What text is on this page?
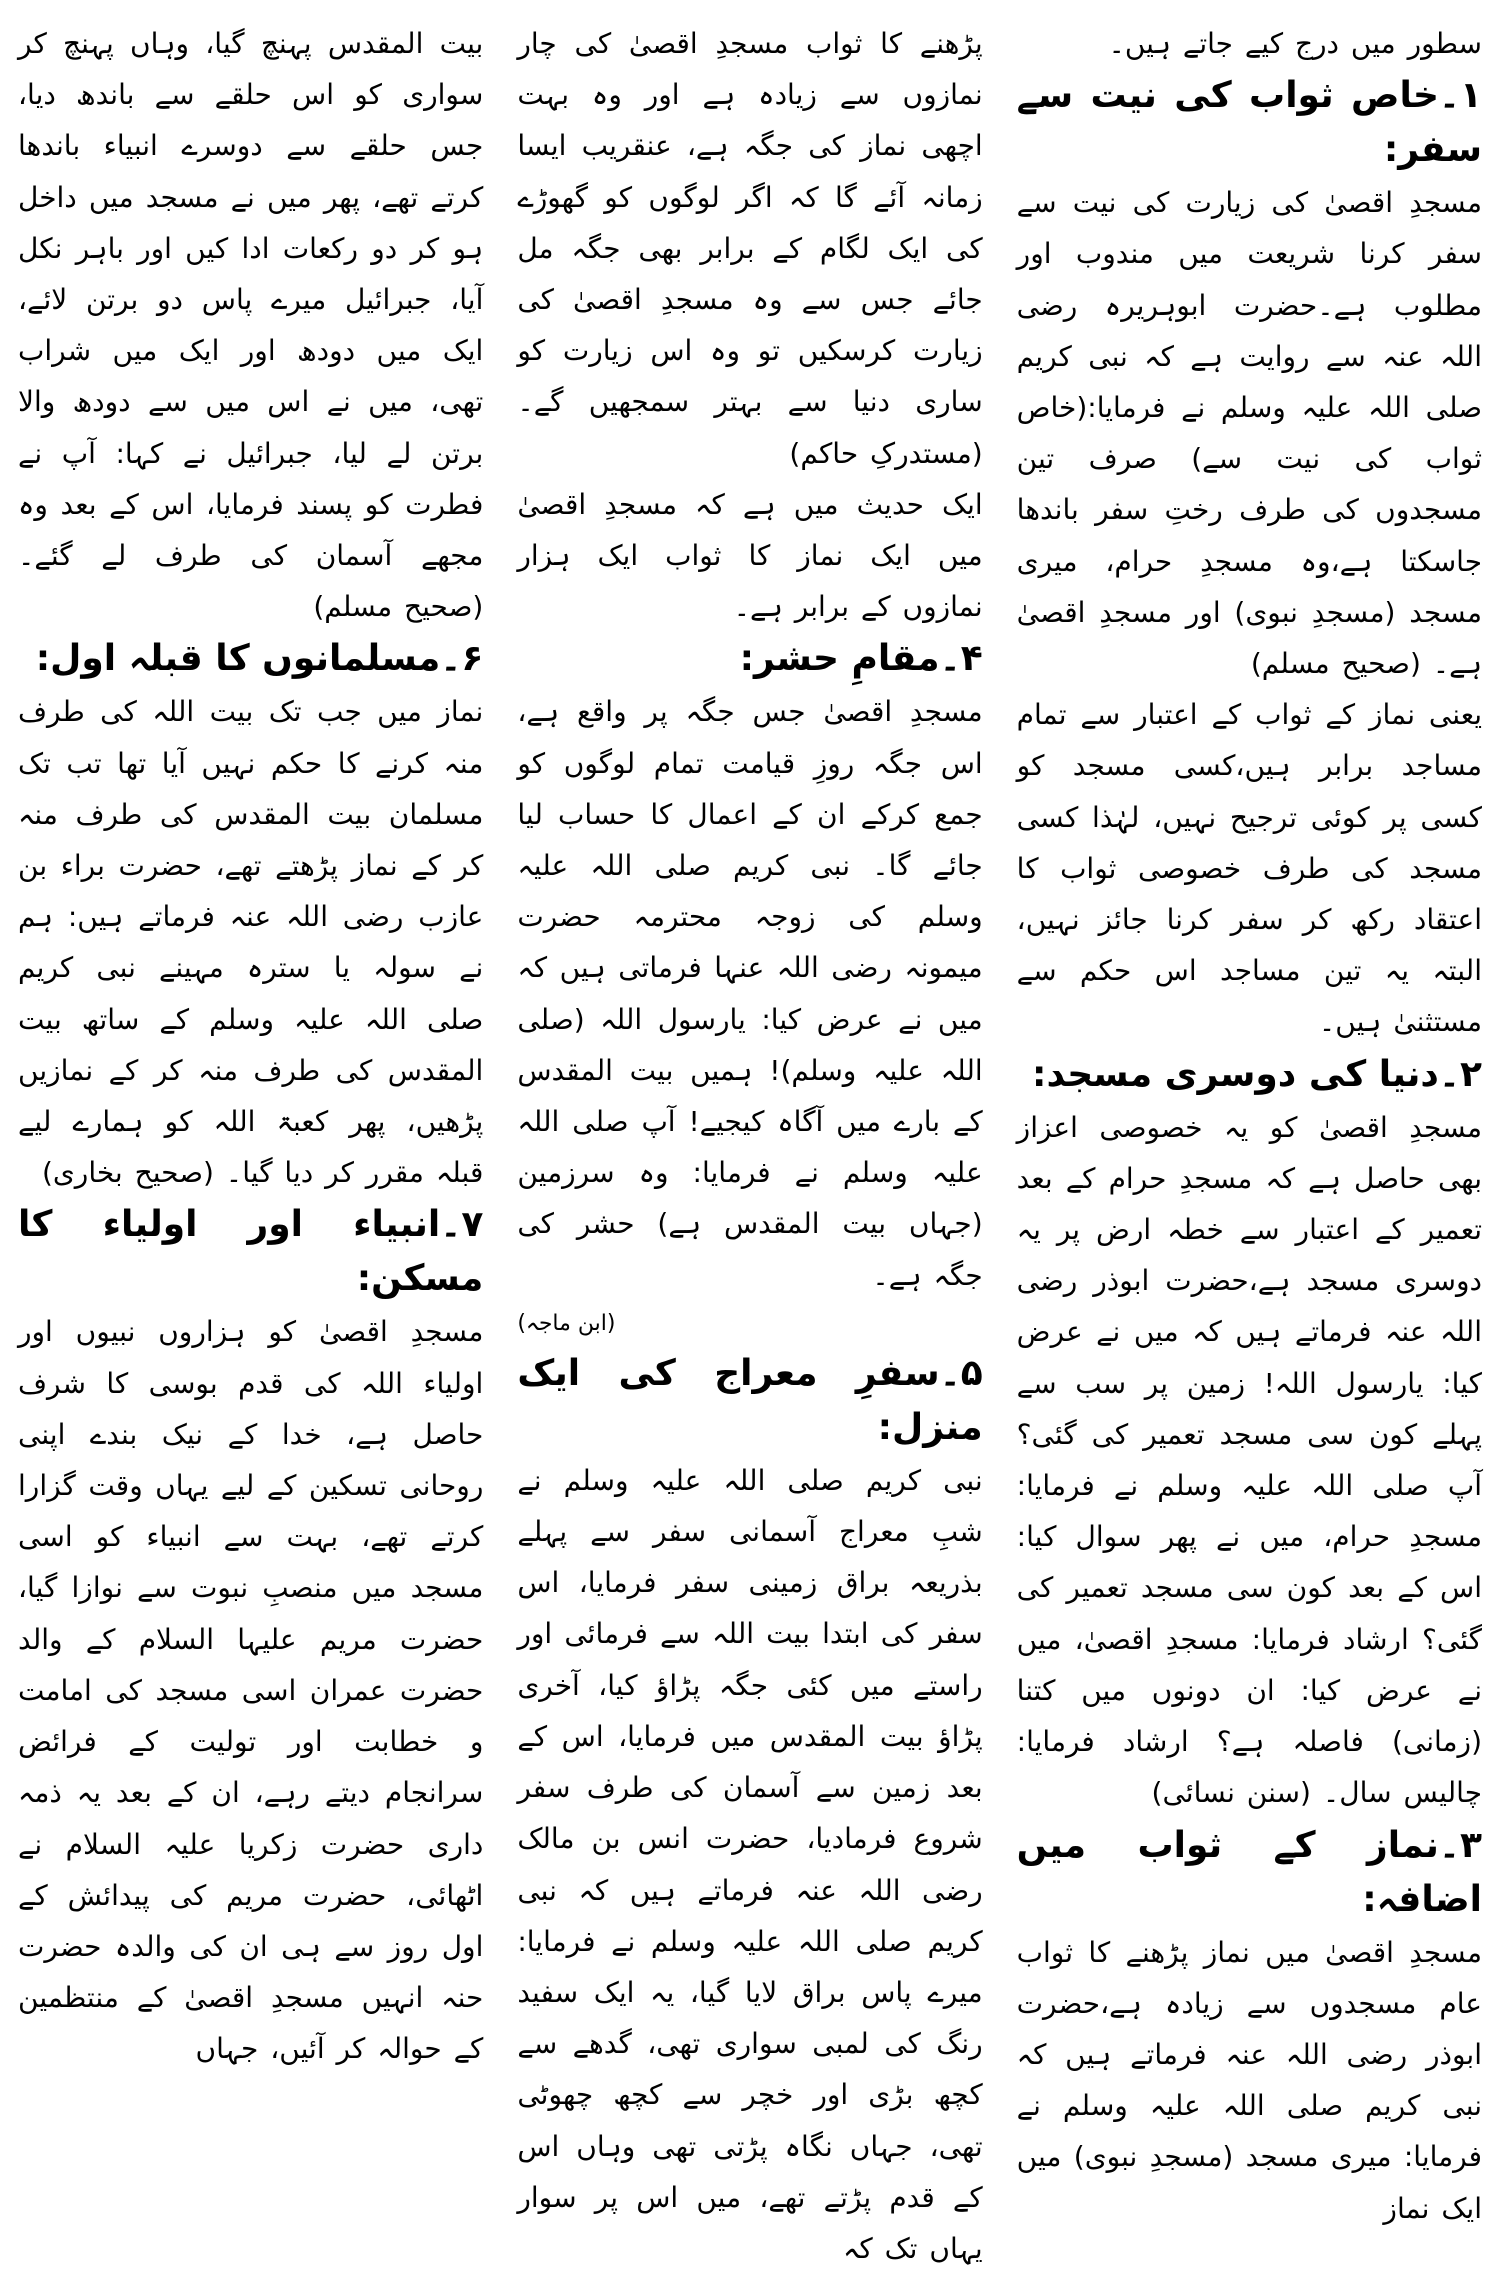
سطور میں درج کیے جاتے ہیں۔

۱۔خاص ثواب کی نیت سے سفر:

مسجدِ اقصیٰ کی زیارت کی نیت سے سفر کرنا شریعت میں مندوب اور مطلوب ہے۔حضرت ابوہریرہ رضی اللہ عنہ سے روایت ہے کہ نبی کریم صلی اللہ علیہ وسلم نے فرمایا:(خاص ثواب کی نیت سے) صرف تین مسجدوں کی طرف رختِ سفر باندھا جاسکتا ہے،وہ مسجدِ حرام، میری مسجد (مسجدِ نبوی) اور مسجدِ اقصیٰ ہے۔ (صحیح مسلم)

یعنی نماز کے ثواب کے اعتبار سے تمام مساجد برابر ہیں،کسی مسجد کو کسی پر کوئی ترجیح نہیں، لہٰذا کسی مسجد کی طرف خصوصی ثواب کا اعتقاد رکھ کر سفر کرنا جائز نہیں، البتہ یہ تین مساجد اس حکم سے مستثنیٰ ہیں۔

۲۔دنیا کی دوسری مسجد:

مسجدِ اقصیٰ کو یہ خصوصی اعزاز بھی حاصل ہے کہ مسجدِ حرام کے بعد تعمیر کے اعتبار سے خطہ ارض پر یہ دوسری مسجد ہے،حضرت ابوذر رضی اللہ عنہ فرماتے ہیں کہ میں نے عرض کیا: یارسول اللہ! زمین پر سب سے پہلے کون سی مسجد تعمیر کی گئی؟ آپ صلی اللہ علیہ وسلم نے فرمایا: مسجدِ حرام، میں نے پھر سوال کیا: اس کے بعد کون سی مسجد تعمیر کی گئی؟ ارشاد فرمایا: مسجدِ اقصیٰ، میں نے عرض کیا: ان دونوں میں کتنا (زمانی) فاصلہ ہے؟ ارشاد فرمایا: چالیس سال۔ (سنن نسائی)

۳۔نماز کے ثواب میں اضافہ:

مسجدِ اقصیٰ میں نماز پڑھنے کا ثواب عام مسجدوں سے زیادہ ہے،حضرت ابوذر رضی اللہ عنہ فرماتے ہیں کہ نبی کریم صلی اللہ علیہ وسلم نے فرمایا: میری مسجد (مسجدِ نبوی) میں ایک نماز

پڑھنے کا ثواب مسجدِ اقصیٰ کی چار نمازوں سے زیادہ ہے اور وہ بہت اچھی نماز کی جگہ ہے، عنقریب ایسا زمانہ آئے گا کہ اگر لوگوں کو گھوڑے کی ایک لگام کے برابر بھی جگہ مل جائے جس سے وہ مسجدِ اقصیٰ کی زیارت کرسکیں تو وہ اس زیارت کو ساری دنیا سے بہتر سمجھیں گے۔ (مستدرکِ حاکم)

ایک حدیث میں ہے کہ مسجدِ اقصیٰ میں ایک نماز کا ثواب ایک ہزار نمازوں کے برابر ہے۔

۴۔مقامِ حشر:

مسجدِ اقصیٰ جس جگہ پر واقع ہے، اس جگہ روزِ قیامت تمام لوگوں کو جمع کرکے ان کے اعمال کا حساب لیا جائے گا۔ نبی کریم صلی اللہ علیہ وسلم کی زوجہ محترمہ حضرت میمونہ رضی اللہ عنہا فرماتی ہیں کہ میں نے عرض کیا: یارسول اللہ (صلی اللہ علیہ وسلم)! ہمیں بیت المقدس کے بارے میں آگاہ کیجیے! آپ صلی اللہ علیہ وسلم نے فرمایا: وہ سرزمین (جہاں بیت المقدس ہے) حشر کی جگہ ہے۔

(ابن ماجہ)

۵۔سفرِ معراج کی ایک منزل:

نبی کریم صلی اللہ علیہ وسلم نے شبِ معراج آسمانی سفر سے پہلے بذریعہ براق زمینی سفر فرمایا، اس سفر کی ابتدا بیت اللہ سے فرمائی اور راستے میں کئی جگہ پڑاؤ کیا، آخری پڑاؤ بیت المقدس میں فرمایا، اس کے بعد زمین سے آسمان کی طرف سفر شروع فرمادیا، حضرت انس بن مالک رضی اللہ عنہ فرماتے ہیں کہ نبی کریم صلی اللہ علیہ وسلم نے فرمایا: میرے پاس براق لایا گیا، یہ ایک سفید رنگ کی لمبی سواری تھی، گدھے سے کچھ بڑی اور خچر سے کچھ چھوٹی تھی، جہاں نگاہ پڑتی تھی وہاں اس کے قدم پڑتے تھے، میں اس پر سوار یہاں تک کہ

بیت المقدس پہنچ گیا، وہاں پہنچ کر سواری کو اس حلقے سے باندھ دیا، جس حلقے سے دوسرے انبیاء باندھا کرتے تھے، پھر میں نے مسجد میں داخل ہو کر دو رکعات ادا کیں اور باہر نکل آیا، جبرائیل میرے پاس دو برتن لائے، ایک میں دودھ اور ایک میں شراب تھی، میں نے اس میں سے دودھ والا برتن لے لیا، جبرائیل نے کہا: آپ نے فطرت کو پسند فرمایا، اس کے بعد وہ مجھے آسمان کی طرف لے گئے۔ (صحیح مسلم)

۶۔مسلمانوں کا قبلہ اول:

نماز میں جب تک بیت اللہ کی طرف منہ کرنے کا حکم نہیں آیا تھا تب تک مسلمان بیت المقدس کی طرف منہ کر کے نماز پڑھتے تھے، حضرت براء بن عازب رضی اللہ عنہ فرماتے ہیں: ہم نے سولہ یا سترہ مہینے نبی کریم صلی اللہ علیہ وسلم کے ساتھ بیت المقدس کی طرف منہ کر کے نمازیں پڑھیں، پھر کعبۃ اللہ کو ہمارے لیے قبلہ مقرر کر دیا گیا۔ (صحیح بخاری)

۷۔انبیاء اور اولیاء کا مسکن:

مسجدِ اقصیٰ کو ہزاروں نبیوں اور اولیاء اللہ کی قدم بوسی کا شرف حاصل ہے، خدا کے نیک بندے اپنی روحانی تسکین کے لیے یہاں وقت گزارا کرتے تھے، بہت سے انبیاء کو اسی مسجد میں منصبِ نبوت سے نوازا گیا، حضرت مریم علیہا السلام کے والد حضرت عمران اسی مسجد کی امامت و خطابت اور تولیت کے فرائض سرانجام دیتے رہے، ان کے بعد یہ ذمہ داری حضرت زکریا علیہ السلام نے اٹھائی، حضرت مریم کی پیدائش کے اول روز سے ہی ان کی والدہ حضرت حنہ انہیں مسجدِ اقصیٰ کے منتظمین کے حوالہ کر آئیں، جہاں
